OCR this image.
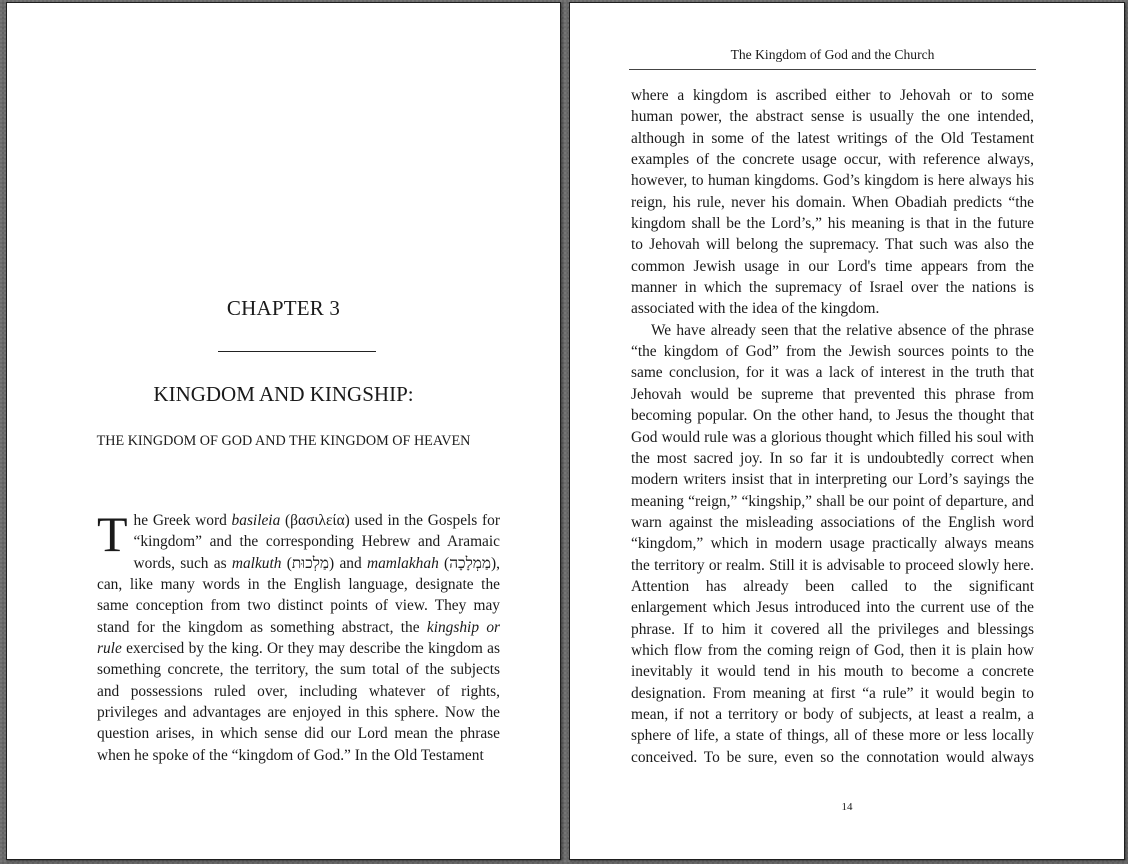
CHAPTER 3
KINGDOM AND KINGSHIP:
THE KINGDOM OF GOD AND THE KINGDOM OF HEAVEN
T he Greek word basileia (βασιλεία) used in the Gospels for
“kingdom” and the corresponding Hebrew and Aramaic
words, such as malkuth (מַלְכוּת) and mamlakhah (מַמְלָכָה),
can, like many words in the English language, designate the
same conception from two distinct points of view. They may
stand for the kingdom as something abstract, the kingship or
rule exercised by the king. Or they may describe the kingdom as
something concrete, the territory, the sum total of the subjects
and possessions ruled over, including whatever of rights,
privileges and advantages are enjoyed in this sphere. Now the
question arises, in which sense did our Lord mean the phrase
when he spoke of the “kingdom of God.” In the Old Testament
The Kingdom of God and the Church
where a kingdom is ascribed either to Jehovah or to some
human power, the abstract sense is usually the one intended,
although in some of the latest writings of the Old Testament
examples of the concrete usage occur, with reference always,
however, to human kingdoms. God’s kingdom is here always his
reign, his rule, never his domain. When Obadiah predicts “the
kingdom shall be the Lord’s,” his meaning is that in the future
to Jehovah will belong the supremacy. That such was also the
common Jewish usage in our Lord's time appears from the
manner in which the supremacy of Israel over the nations is
associated with the idea of the kingdom.
We have already seen that the relative absence of the phrase
“the kingdom of God” from the Jewish sources points to the
same conclusion, for it was a lack of interest in the truth that
Jehovah would be supreme that prevented this phrase from
becoming popular. On the other hand, to Jesus the thought that
God would rule was a glorious thought which filled his soul with
the most sacred joy. In so far it is undoubtedly correct when
modern writers insist that in interpreting our Lord’s sayings the
meaning “reign,” “kingship,” shall be our point of departure, and
warn against the misleading associations of the English word
“kingdom,” which in modern usage practically always means
the territory or realm. Still it is advisable to proceed slowly here.
Attention has already been called to the significant
enlargement which Jesus introduced into the current use of the
phrase. If to him it covered all the privileges and blessings
which flow from the coming reign of God, then it is plain how
inevitably it would tend in his mouth to become a concrete
designation. From meaning at first “a rule” it would begin to
mean, if not a territory or body of subjects, at least a realm, a
sphere of life, a state of things, all of these more or less locally
conceived. To be sure, even so the connotation would always
14
